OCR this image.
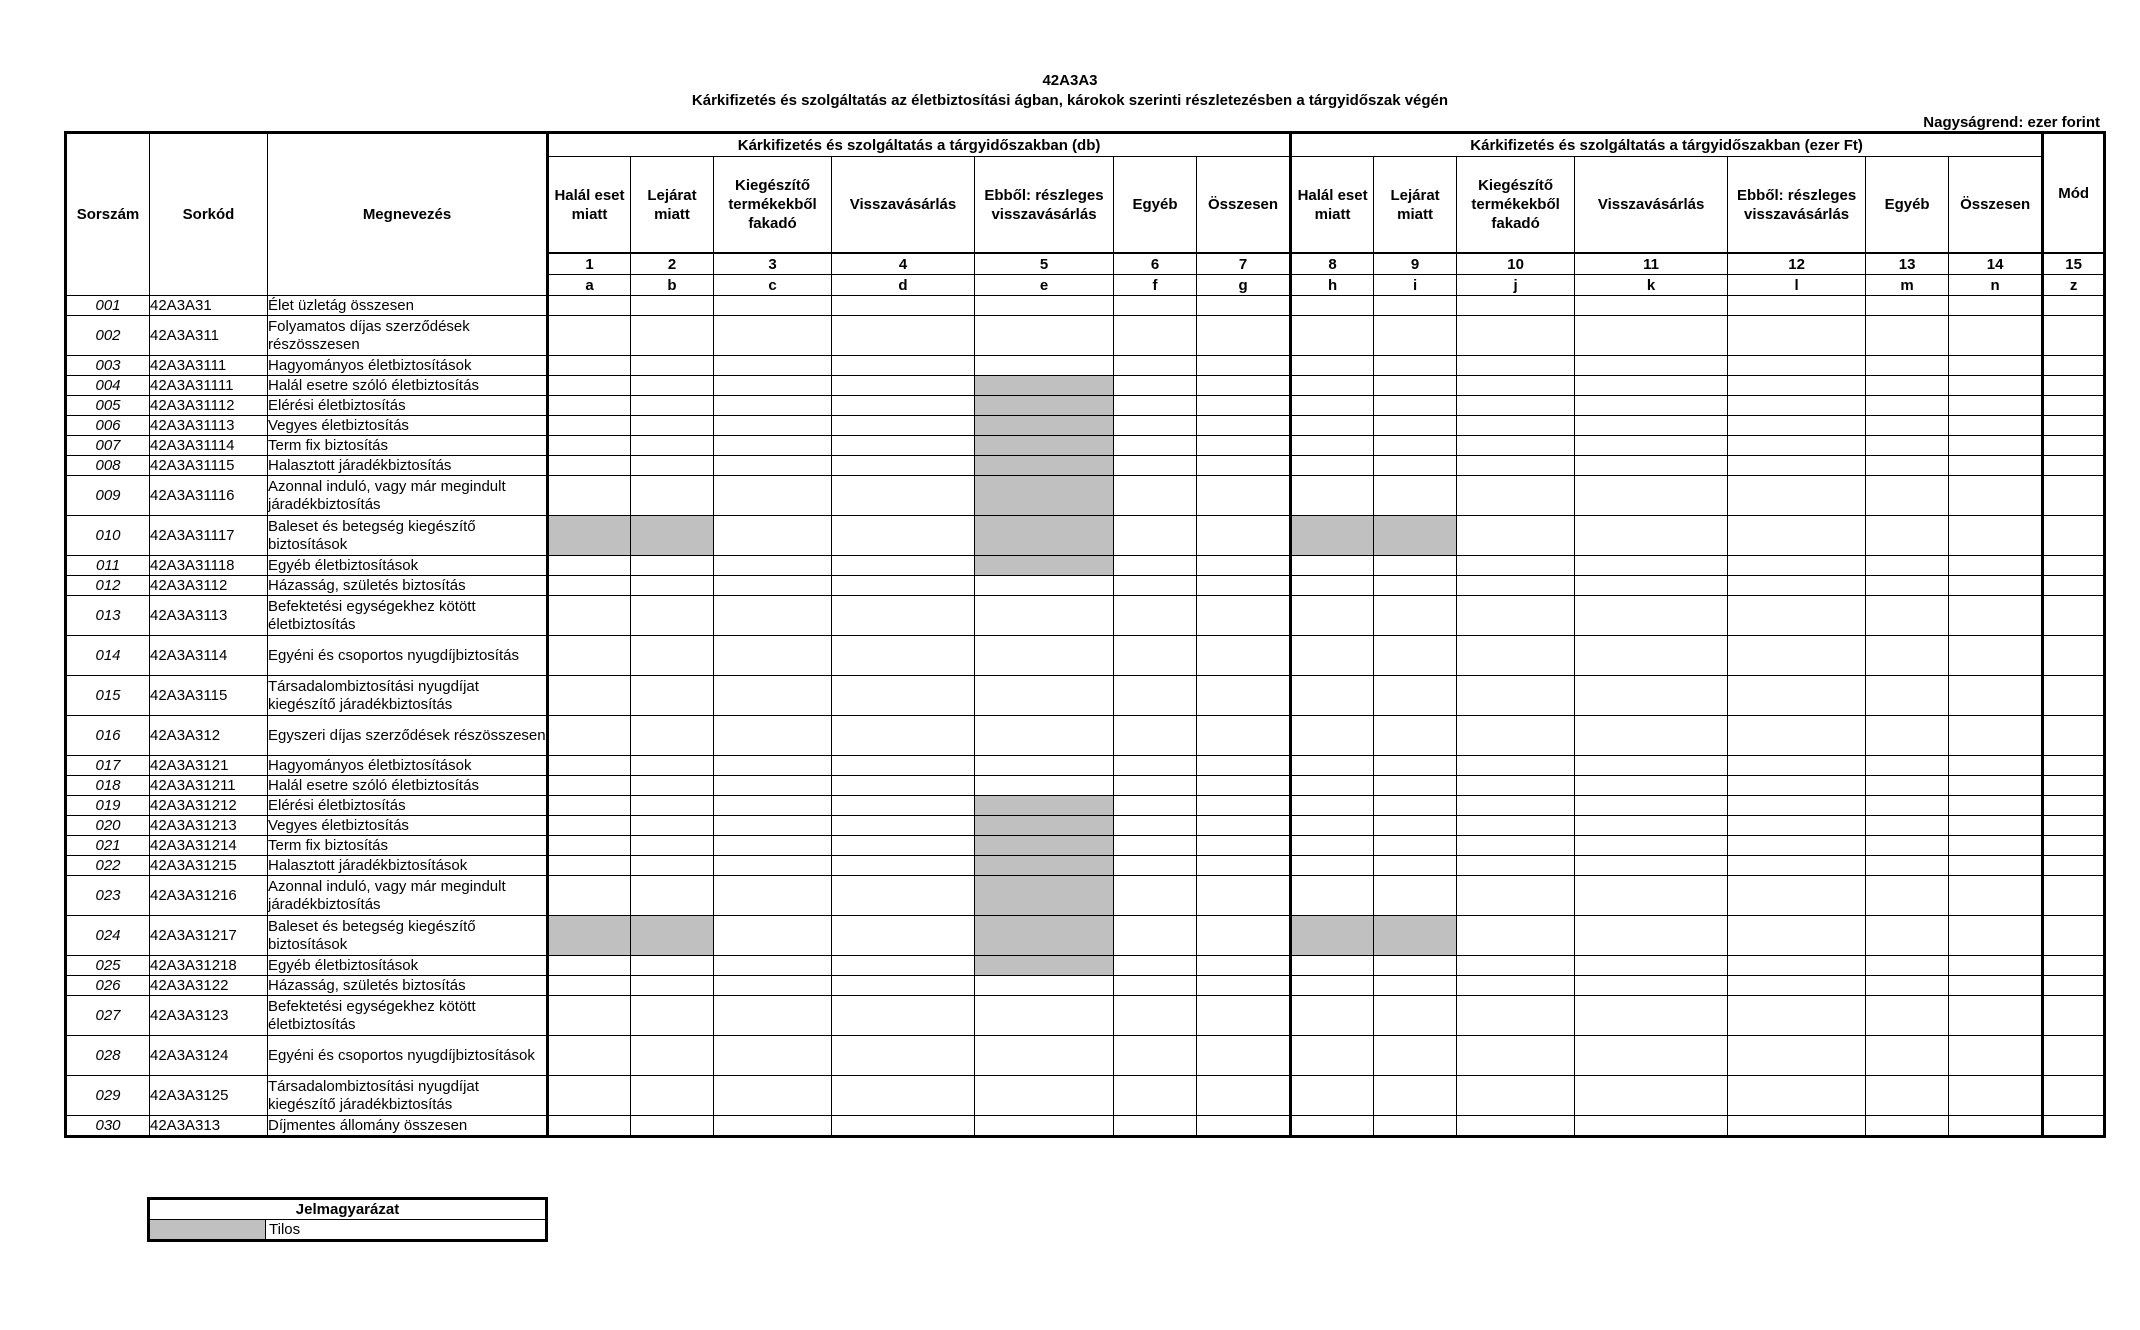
42A3A3
Kárkifizetés és szolgáltatás az életbiztosítási ágban, károkok szerinti részletezésben a tárgyidőszak végén
Nagyságrend: ezer forint
Sorszám	Sorkód	Megnevezés	Kárkifizetés és szolgáltatás a tárgyidőszakban (db)							Kárkifizetés és szolgáltatás a tárgyidőszakban (ezer Ft)							Mód
			Halál eset miatt	Lejárat miatt	Kiegészítő termékekből fakadó	Visszavásárlás	Ebből: részleges visszavásárlás	Egyéb	Összesen	Halál eset miatt	Lejárat miatt	Kiegészítő termékekből fakadó	Visszavásárlás	Ebből: részleges visszavásárlás	Egyéb	Összesen	
			1	2	3	4	5	6	7	8	9	10	11	12	13	14	15
			a	b	c	d	e	f	g	h	i	j	k	l	m	n	z
001	42A3A31	Élet üzletág összesen															
002	42A3A311	Folyamatos díjas szerződések részösszesen															
003	42A3A3111	Hagyományos életbiztosítások															
004	42A3A31111	Halál esetre szóló életbiztosítás															
005	42A3A31112	Elérési életbiztosítás															
006	42A3A31113	Vegyes életbiztosítás															
007	42A3A31114	Term fix biztosítás															
008	42A3A31115	Halasztott járadékbiztosítás															
009	42A3A31116	Azonnal induló, vagy már megindult járadékbiztosítás															
010	42A3A31117	Baleset és betegség kiegészítő biztosítások															
011	42A3A31118	Egyéb életbiztosítások															
012	42A3A3112	Házasság, születés biztosítás															
013	42A3A3113	Befektetési egységekhez kötött életbiztosítás															
014	42A3A3114	Egyéni és csoportos nyugdíjbiztosítás															
015	42A3A3115	Társadalombiztosítási nyugdíjat kiegészítő járadékbiztosítás															
016	42A3A312	Egyszeri díjas szerződések részösszesen															
017	42A3A3121	Hagyományos életbiztosítások															
018	42A3A31211	Halál esetre szóló életbiztosítás															
019	42A3A31212	Elérési életbiztosítás															
020	42A3A31213	Vegyes életbiztosítás															
021	42A3A31214	Term fix biztosítás															
022	42A3A31215	Halasztott járadékbiztosítások															
023	42A3A31216	Azonnal induló, vagy már megindult járadékbiztosítás															
024	42A3A31217	Baleset és betegség kiegészítő biztosítások															
025	42A3A31218	Egyéb életbiztosítások															
026	42A3A3122	Házasság, születés biztosítás															
027	42A3A3123	Befektetési egységekhez kötött életbiztosítás															
028	42A3A3124	Egyéni és csoportos nyugdíjbiztosítások															
029	42A3A3125	Társadalombiztosítási nyugdíjat kiegészítő járadékbiztosítás															
030	42A3A313	Díjmentes állomány összesen															
Jelmagyarázat
	Tilos
